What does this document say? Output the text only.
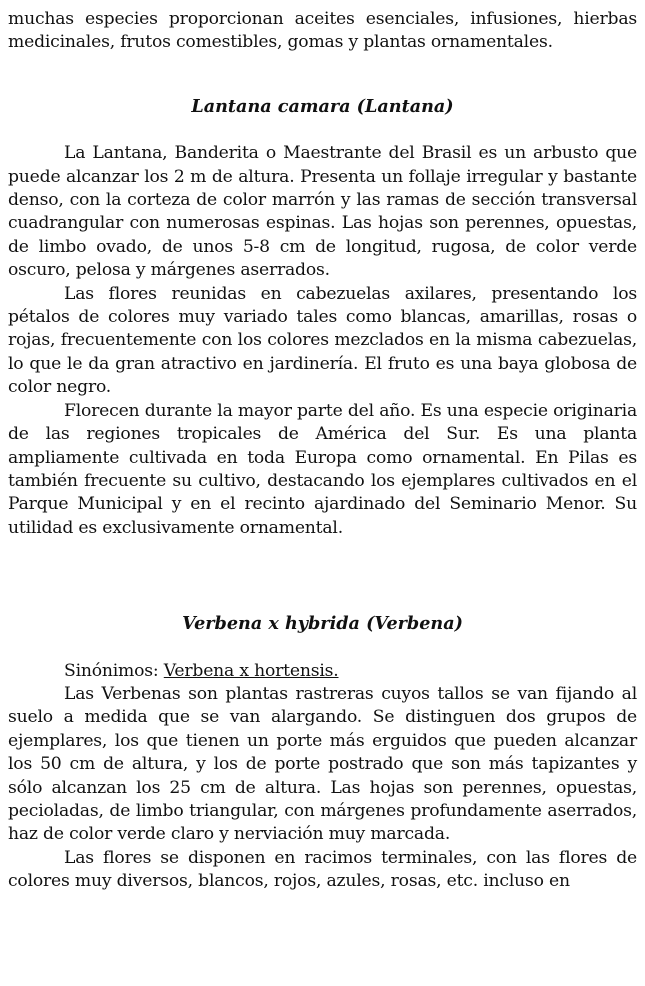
muchas especies proporcionan aceites esenciales, infusiones, hierbas medicinales, frutos comestibles, gomas y plantas ornamentales.

Lantana camara (Lantana)

La Lantana, Banderita o Maestrante del Brasil es un arbusto que puede alcanzar los 2 m de altura. Presenta un follaje irregular y bastante denso, con la corteza de color marrón y las ramas de sección transversal cuadrangular con numerosas espinas. Las hojas son perennes, opuestas, de limbo ovado, de unos 5-8 cm de longitud, rugosa, de color verde oscuro, pelosa y márgenes aserrados.

Las flores reunidas en cabezuelas axilares, presentando los pétalos de colores muy variado tales como blancas, amarillas, rosas o rojas, frecuentemente con los colores mezclados en la misma cabezuelas, lo que le da gran atractivo en jardinería. El fruto es una baya globosa de color negro.

Florecen durante la mayor parte del año. Es una especie originaria de las regiones tropicales de América del Sur. Es una planta ampliamente cultivada en toda Europa como ornamental. En Pilas es también frecuente su cultivo, destacando los ejemplares cultivados en el Parque Municipal y en el recinto ajardinado del Seminario Menor. Su utilidad es exclusivamente ornamental.

Verbena x hybrida (Verbena)

Sinónimos: Verbena x hortensis.

Las Verbenas son plantas rastreras cuyos tallos se van fijando al suelo a medida que se van alargando. Se distinguen dos grupos de ejemplares, los que tienen un porte más erguidos que pueden alcanzar los 50 cm de altura, y los de porte postrado que son más tapizantes y sólo alcanzan los 25 cm de altura. Las hojas son perennes, opuestas, pecioladas, de limbo triangular, con márgenes profundamente aserrados, haz de color verde claro y nerviación muy marcada.

Las flores se disponen en racimos terminales, con las flores de colores muy diversos, blancos, rojos, azules, rosas, etc. incluso en
